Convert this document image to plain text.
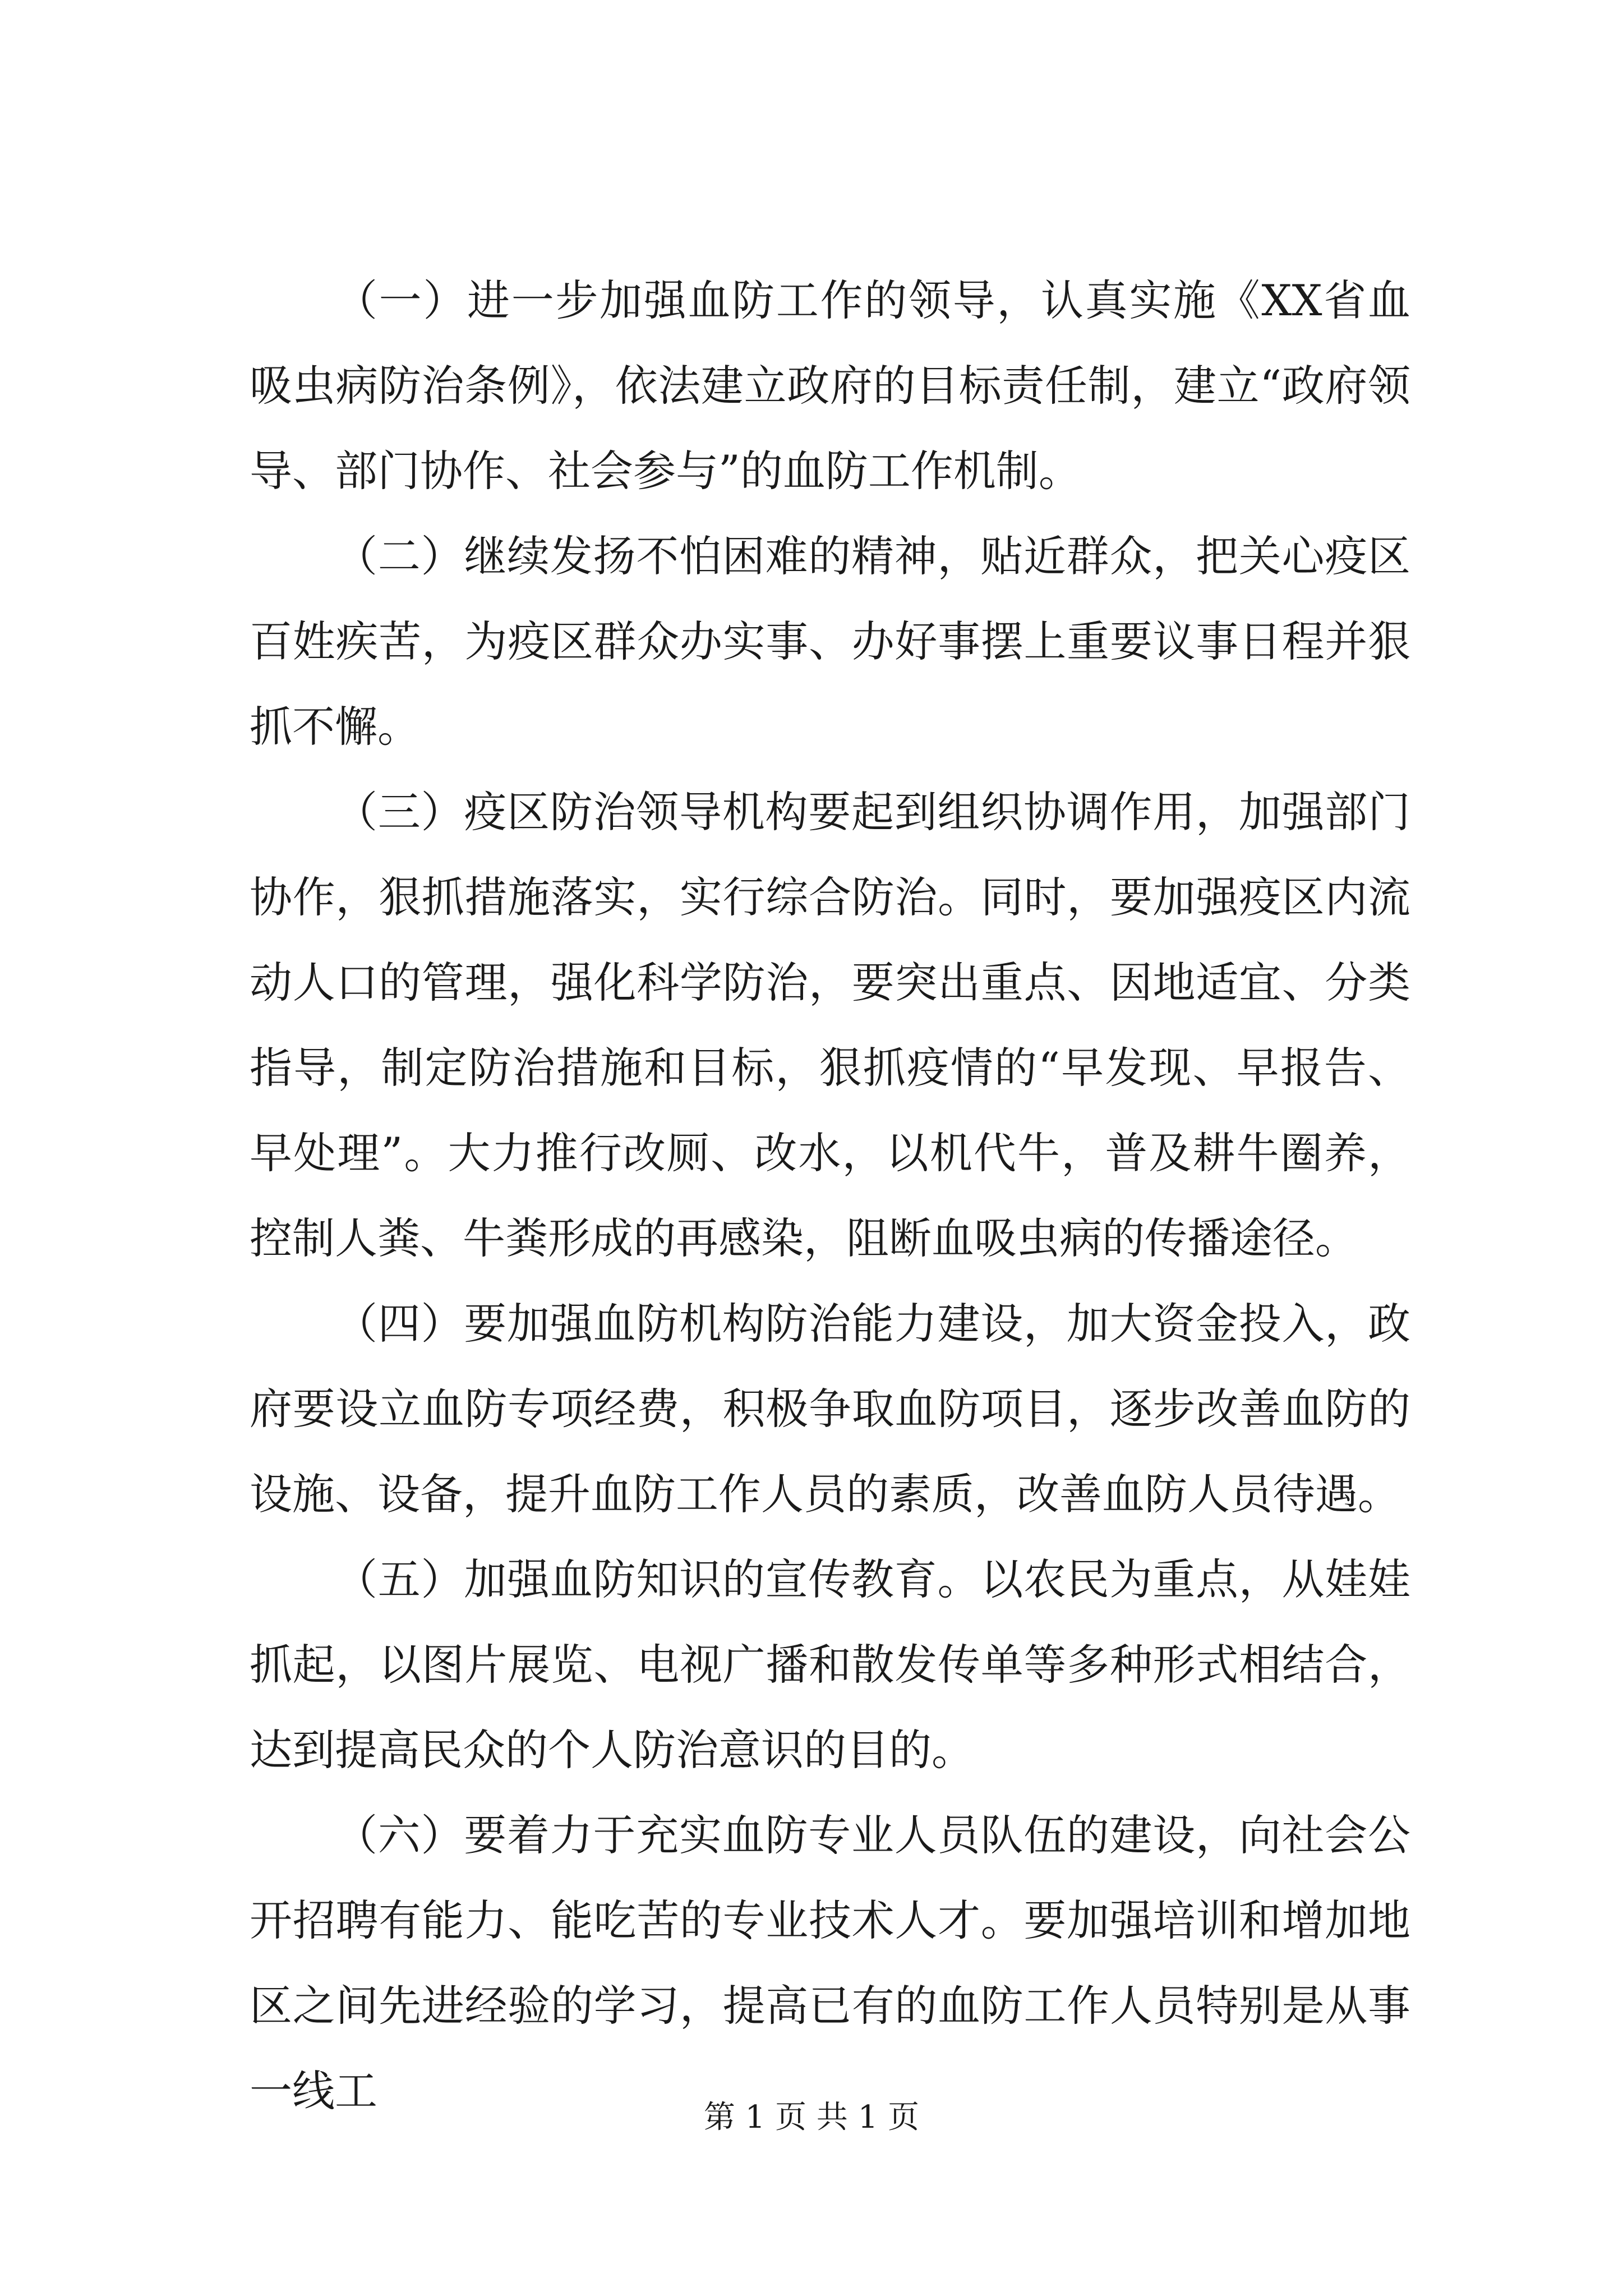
（一）进一步加强血防工作的领导，认真实施《XX省血吸虫病防治条例》，依法建立政府的目标责任制，建立“政府领导、部门协作、社会参与”的血防工作机制。

（二）继续发扬不怕困难的精神，贴近群众，把关心疫区百姓疾苦，为疫区群众办实事、办好事摆上重要议事日程并狠抓不懈。

（三）疫区防治领导机构要起到组织协调作用，加强部门协作，狠抓措施落实，实行综合防治。同时，要加强疫区内流动人口的管理，强化科学防治，要突出重点、因地适宜、分类指导，制定防治措施和目标，狠抓疫情的“早发现、早报告、早处理”。大力推行改厕、改水，以机代牛，普及耕牛圈养，控制人粪、牛粪形成的再感染，阻断血吸虫病的传播途径。

（四）要加强血防机构防治能力建设，加大资金投入，政府要设立血防专项经费，积极争取血防项目，逐步改善血防的设施、设备，提升血防工作人员的素质，改善血防人员待遇。

（五）加强血防知识的宣传教育。以农民为重点，从娃娃抓起，以图片展览、电视广播和散发传单等多种形式相结合，达到提高民众的个人防治意识的目的。

（六）要着力于充实血防专业人员队伍的建设，向社会公开招聘有能力、能吃苦的专业技术人才。要加强培训和增加地区之间先进经验的学习，提高已有的血防工作人员特别是从事一线工

第 1 页 共 1 页
